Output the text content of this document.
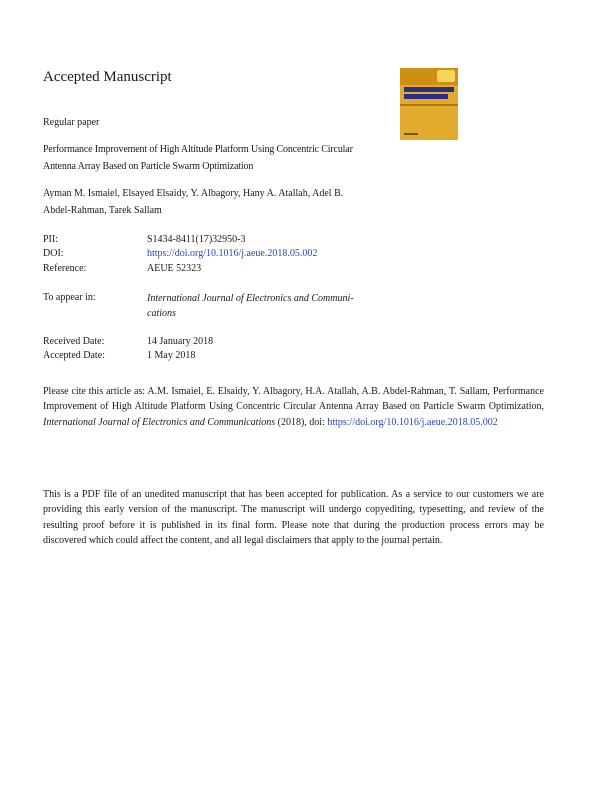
Accepted Manuscript
Regular paper
Performance Improvement of High Altitude Platform Using Concentric Circular
Antenna Array Based on Particle Swarm Optimization
Ayman M. Ismaiel, Elsayed Elsaidy, Y. Albagory, Hany A. Atallah, Adel B.
Abdel-Rahman, Tarek Sallam
PII:	S1434-8411(17)32950-3
DOI:	https://doi.org/10.1016/j.aeue.2018.05.002
Reference:	AEUE 52323
To appear in:	International Journal of Electronics and Communi-
cations
Received Date:	14 January 2018
Accepted Date:	1 May 2018
Please cite this article as: A.M. Ismaiel, E. Elsaidy, Y. Albagory, H.A. Atallah, A.B. Abdel-Rahman, T. Sallam, Performance Improvement of High Altitude Platform Using Concentric Circular Antenna Array Based on Particle Swarm Optimization, International Journal of Electronics and Communications (2018), doi: https://doi.org/10.1016/j.aeue.2018.05.002
This is a PDF file of an unedited manuscript that has been accepted for publication. As a service to our customers we are providing this early version of the manuscript. The manuscript will undergo copyediting, typesetting, and review of the resulting proof before it is published in its final form. Please note that during the production process errors may be discovered which could affect the content, and all legal disclaimers that apply to the journal pertain.
